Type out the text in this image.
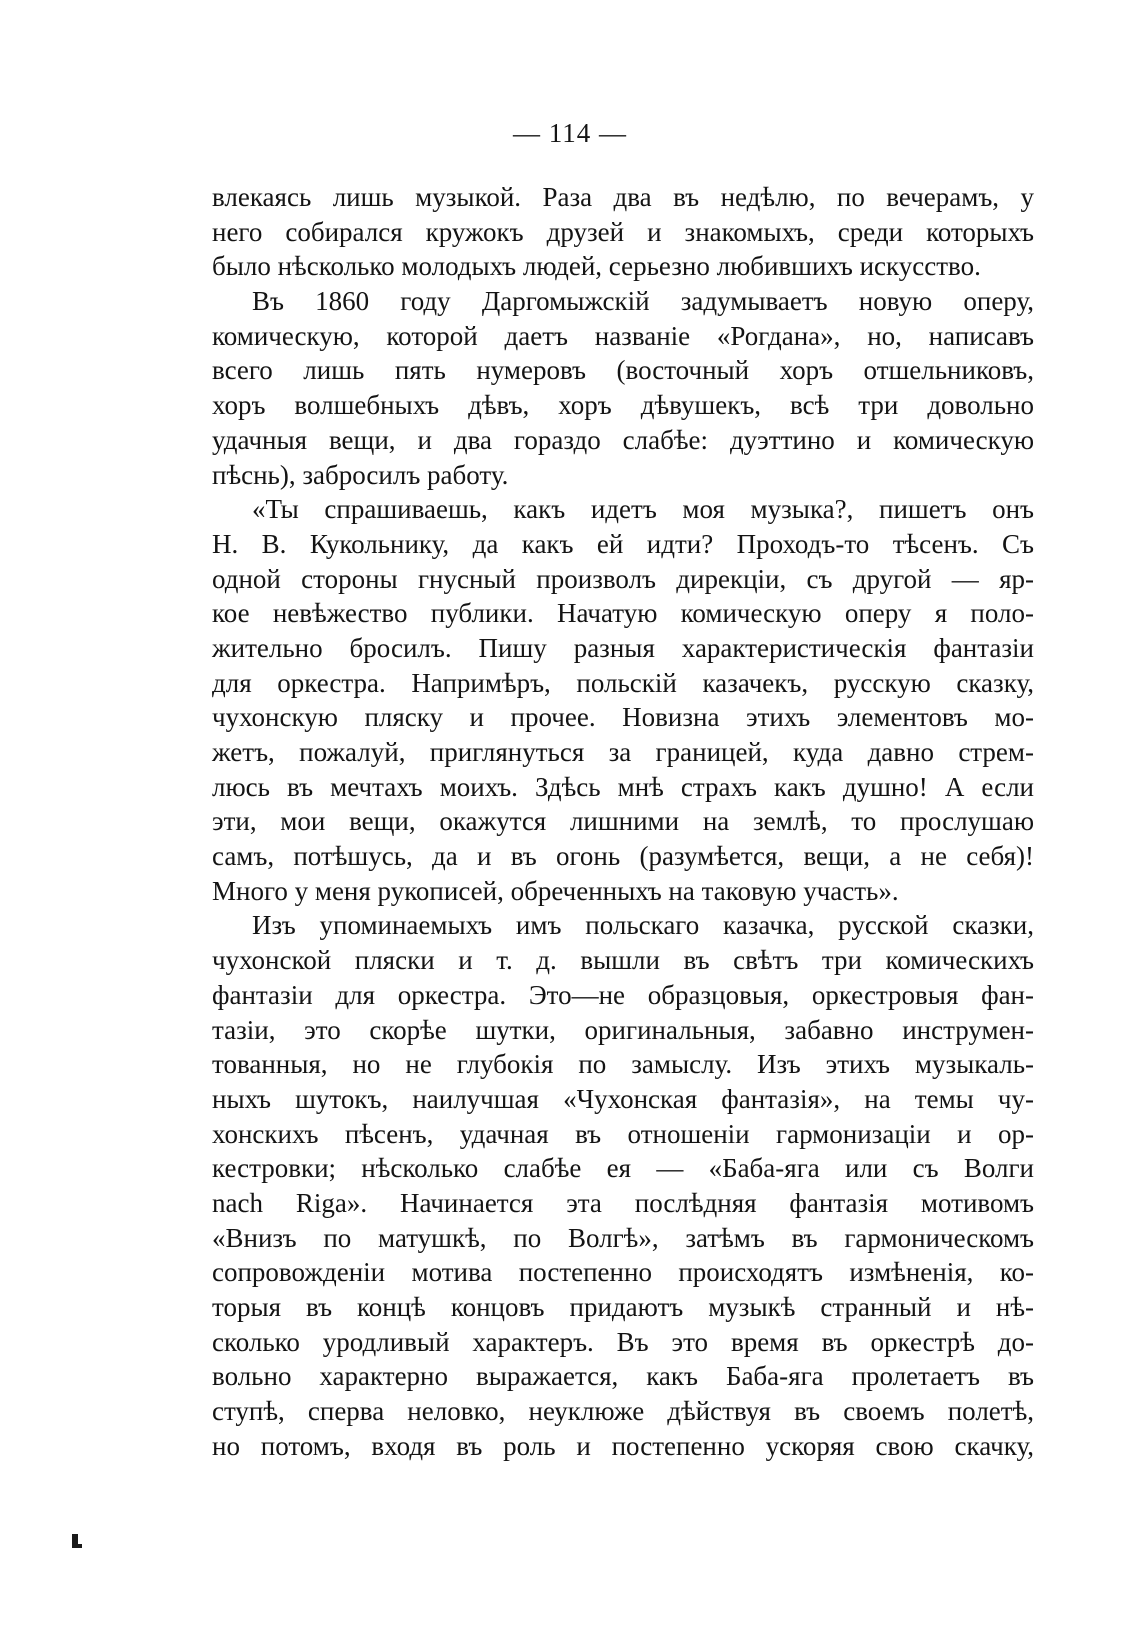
— 114 —
влекаясь лишь музыкой. Раза два въ недѣлю, по вечерамъ, у
него собирался кружокъ друзей и знакомыхъ, среди которыхъ
было нѣсколько молодыхъ людей, серьезно любившихъ искусство.
Въ 1860 году Даргомыжскій задумываетъ новую оперу,
комическую, которой даетъ названіе «Рогдана», но, написавъ
всего лишь пять нумеровъ (восточный хоръ отшельниковъ,
хоръ волшебныхъ дѣвъ, хоръ дѣвушекъ, всѣ три довольно
удачныя вещи, и два гораздо слабѣе: дуэттино и комическую
пѣснь), забросилъ работу.
«Ты спрашиваешь, какъ идетъ моя музыка?, пишетъ онъ
Н. В. Кукольнику, да какъ ей идти? Проходъ-то тѣсенъ. Съ
одной стороны гнусный произволъ дирекціи, съ другой — яр-
кое невѣжество публики. Начатую комическую оперу я поло-
жительно бросилъ. Пишу разныя характеристическія фантазіи
для оркестра. Напримѣръ, польскій казачекъ, русскую сказку,
чухонскую пляску и прочее. Новизна этихъ элементовъ мо-
жетъ, пожалуй, приглянуться за границей, куда давно стрем-
люсь въ мечтахъ моихъ. Здѣсь мнѣ страхъ какъ душно! А если
эти, мои вещи, окажутся лишними на землѣ, то прослушаю
самъ, потѣшусь, да и въ огонь (разумѣется, вещи, а не себя)!
Много у меня рукописей, обреченныхъ на таковую участь».
Изъ упоминаемыхъ имъ польскаго казачка, русской сказки,
чухонской пляски и т. д. вышли въ свѣтъ три комическихъ
фантазіи для оркестра. Это—не образцовыя, оркестровыя фан-
тазіи, это скорѣе шутки, оригинальныя, забавно инструмен-
тованныя, но не глубокія по замыслу. Изъ этихъ музыкаль-
ныхъ шутокъ, наилучшая «Чухонская фантазія», на темы чу-
хонскихъ пѣсенъ, удачная въ отношеніи гармонизаціи и ор-
кестровки; нѣсколько слабѣе ея — «Баба-яга или съ Волги
nach Riga». Начинается эта послѣдняя фантазія мотивомъ
«Внизъ по матушкѣ, по Волгѣ», затѣмъ въ гармоническомъ
сопровожденіи мотива постепенно происходятъ измѣненія, ко-
торыя въ концѣ концовъ придаютъ музыкѣ странный и нѣ-
сколько уродливый характеръ. Въ это время въ оркестрѣ до-
вольно характерно выражается, какъ Баба-яга пролетаетъ въ
ступѣ, сперва неловко, неуклюже дѣйствуя въ своемъ полетѣ,
но потомъ, входя въ роль и постепенно ускоряя свою скачку,
